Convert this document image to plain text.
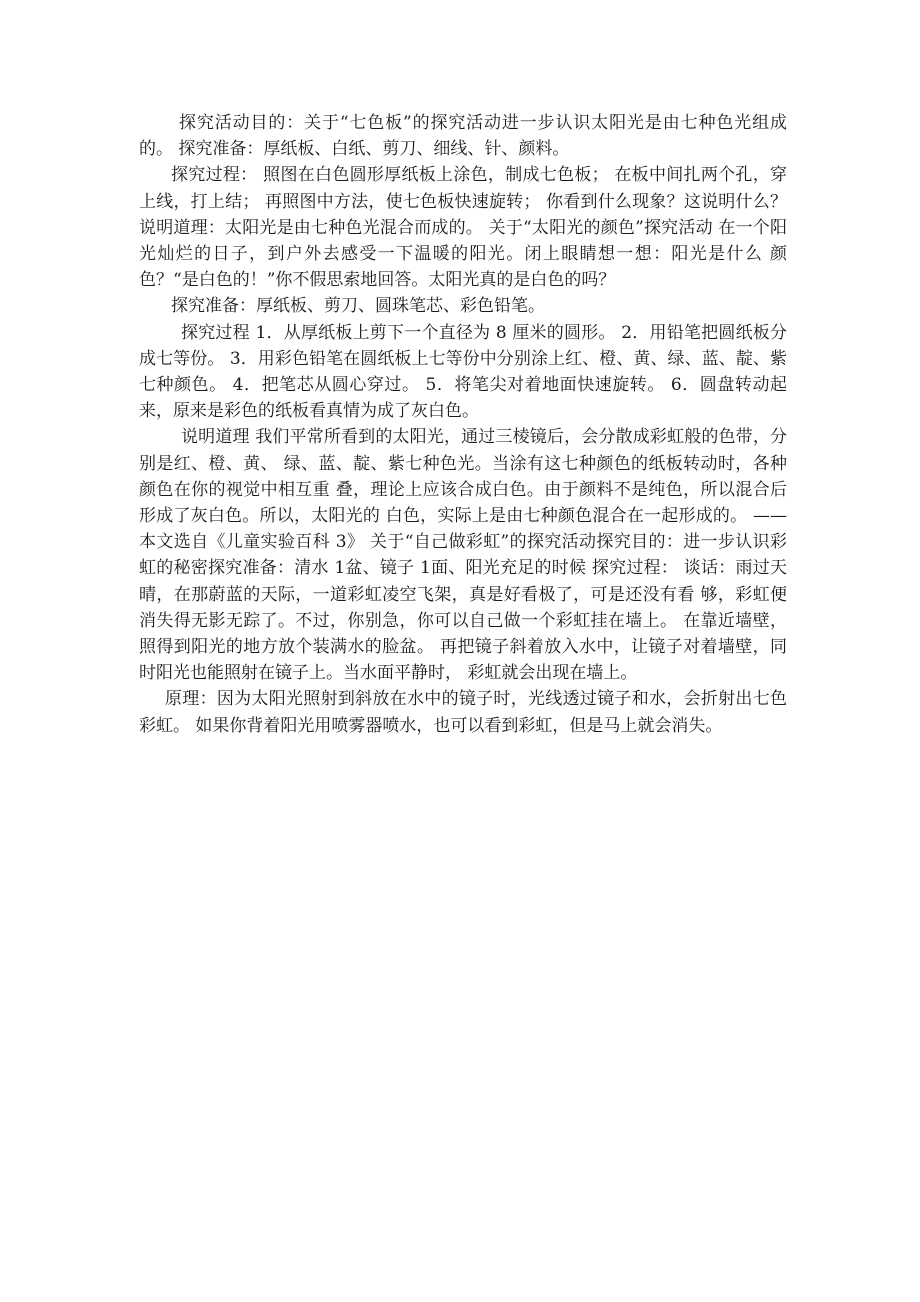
探究活动目的：关于“七色板”的探究活动进一步认识太阳光是由七种色光组成的。 探究准备：厚纸板、白纸、剪刀、细线、针、颜料。

探究过程： 照图在白色圆形厚纸板上涂色，制成七色板； 在板中间扎两个孔，穿上线，打上结； 再照图中方法，使七色板快速旋转； 你看到什么现象？这说明什么？说明道理：太阳光是由七种色光混合而成的。 关于“太阳光的颜色”探究活动 在一个阳光灿烂的日子，到户外去感受一下温暖的阳光。闭上眼睛想一想：阳光是什么 颜色？“是白色的！”你不假思索地回答。太阳光真的是白色的吗？

探究准备：厚纸板、剪刀、圆珠笔芯、彩色铅笔。

探究过程 1．从厚纸板上剪下一个直径为 8 厘米的圆形。 2．用铅笔把圆纸板分成七等份。 3．用彩色铅笔在圆纸板上七等份中分别涂上红、橙、黄、绿、蓝、靛、紫七种颜色。 4．把笔芯从圆心穿过。 5．将笔尖对着地面快速旋转。 6．圆盘转动起来，原来是彩色的纸板看真情为成了灰白色。

说明道理 我们平常所看到的太阳光，通过三棱镜后，会分散成彩虹般的色带，分别是红、橙、黄、 绿、蓝、靛、紫七种色光。当涂有这七种颜色的纸板转动时，各种颜色在你的视觉中相互重 叠，理论上应该合成白色。由于颜料不是纯色，所以混合后形成了灰白色。所以，太阳光的 白色，实际上是由七种颜色混合在一起形成的。 ——本文选自《儿童实验百科 3》 关于“自己做彩虹”的探究活动探究目的：进一步认识彩虹的秘密探究准备：清水 1盆、镜子 1面、阳光充足的时候 探究过程： 谈话：雨过天晴，在那蔚蓝的天际，一道彩虹凌空飞架，真是好看极了，可是还没有看 够，彩虹便消失得无影无踪了。不过，你别急，你可以自己做一个彩虹挂在墙上。 在靠近墙壁，照得到阳光的地方放个装满水的脸盆。 再把镜子斜着放入水中，让镜子对着墙壁，同时阳光也能照射在镜子上。当水面平静时， 彩虹就会出现在墙上。

原理：因为太阳光照射到斜放在水中的镜子时，光线透过镜子和水，会折射出七色彩虹。 如果你背着阳光用喷雾器喷水，也可以看到彩虹，但是马上就会消失。
